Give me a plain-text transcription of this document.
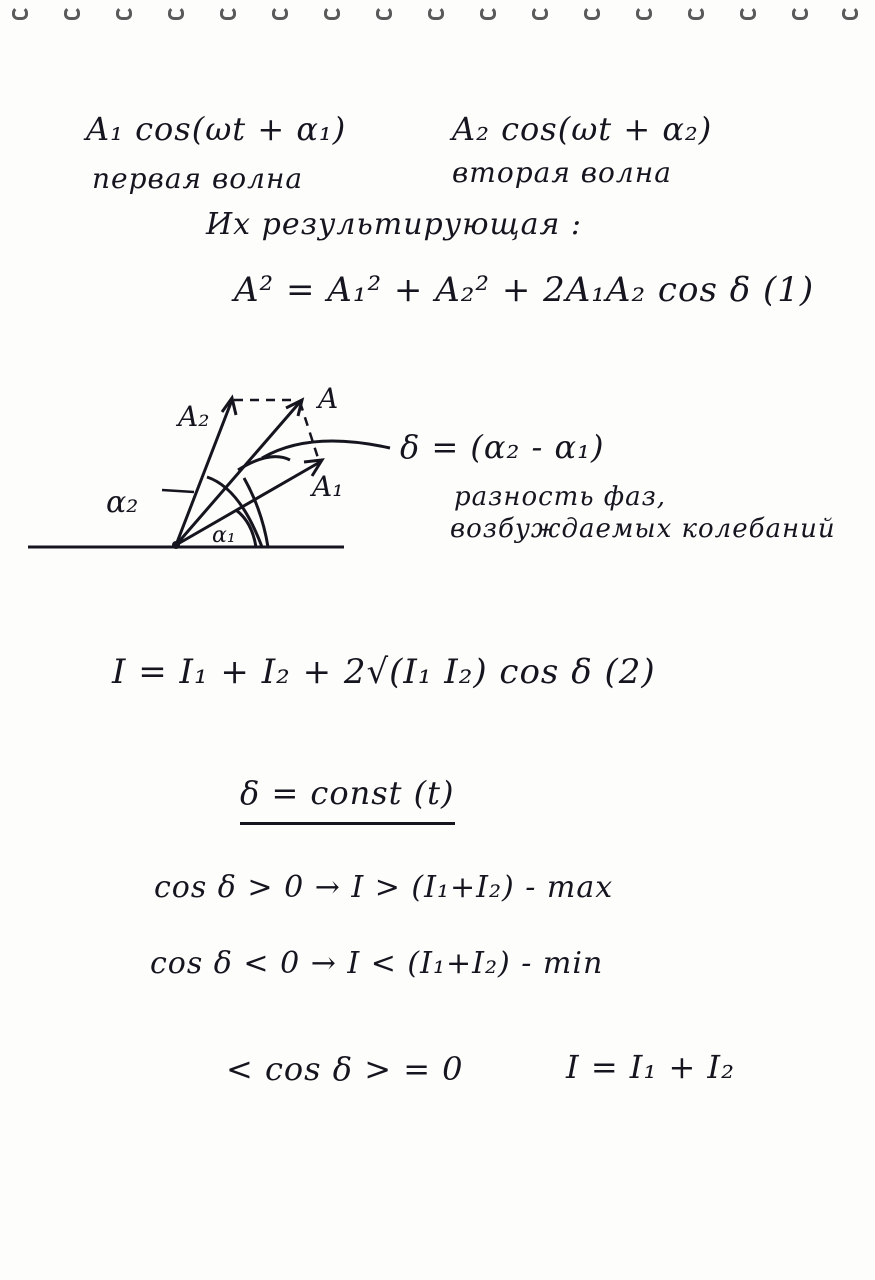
A₁ cos(ωt + α₁)	A₂ cos(ωt + α₂)
первая волна	вторая волна
Их результирующая :
A² = A₁² + A₂² + 2A₁A₂ cos δ (1)
A₂
A
A₁
α₂
α₁
δ = (α₂ - α₁)
разность фаз,
возбуждаемых колебаний
I = I₁ + I₂ + 2√(I₁ I₂) cos δ (2)
δ = const (t)
cos δ > 0 → I > (I₁+I₂) - max
cos δ < 0 → I < (I₁+I₂) - min
< cos δ > = 0	I = I₁ + I₂
